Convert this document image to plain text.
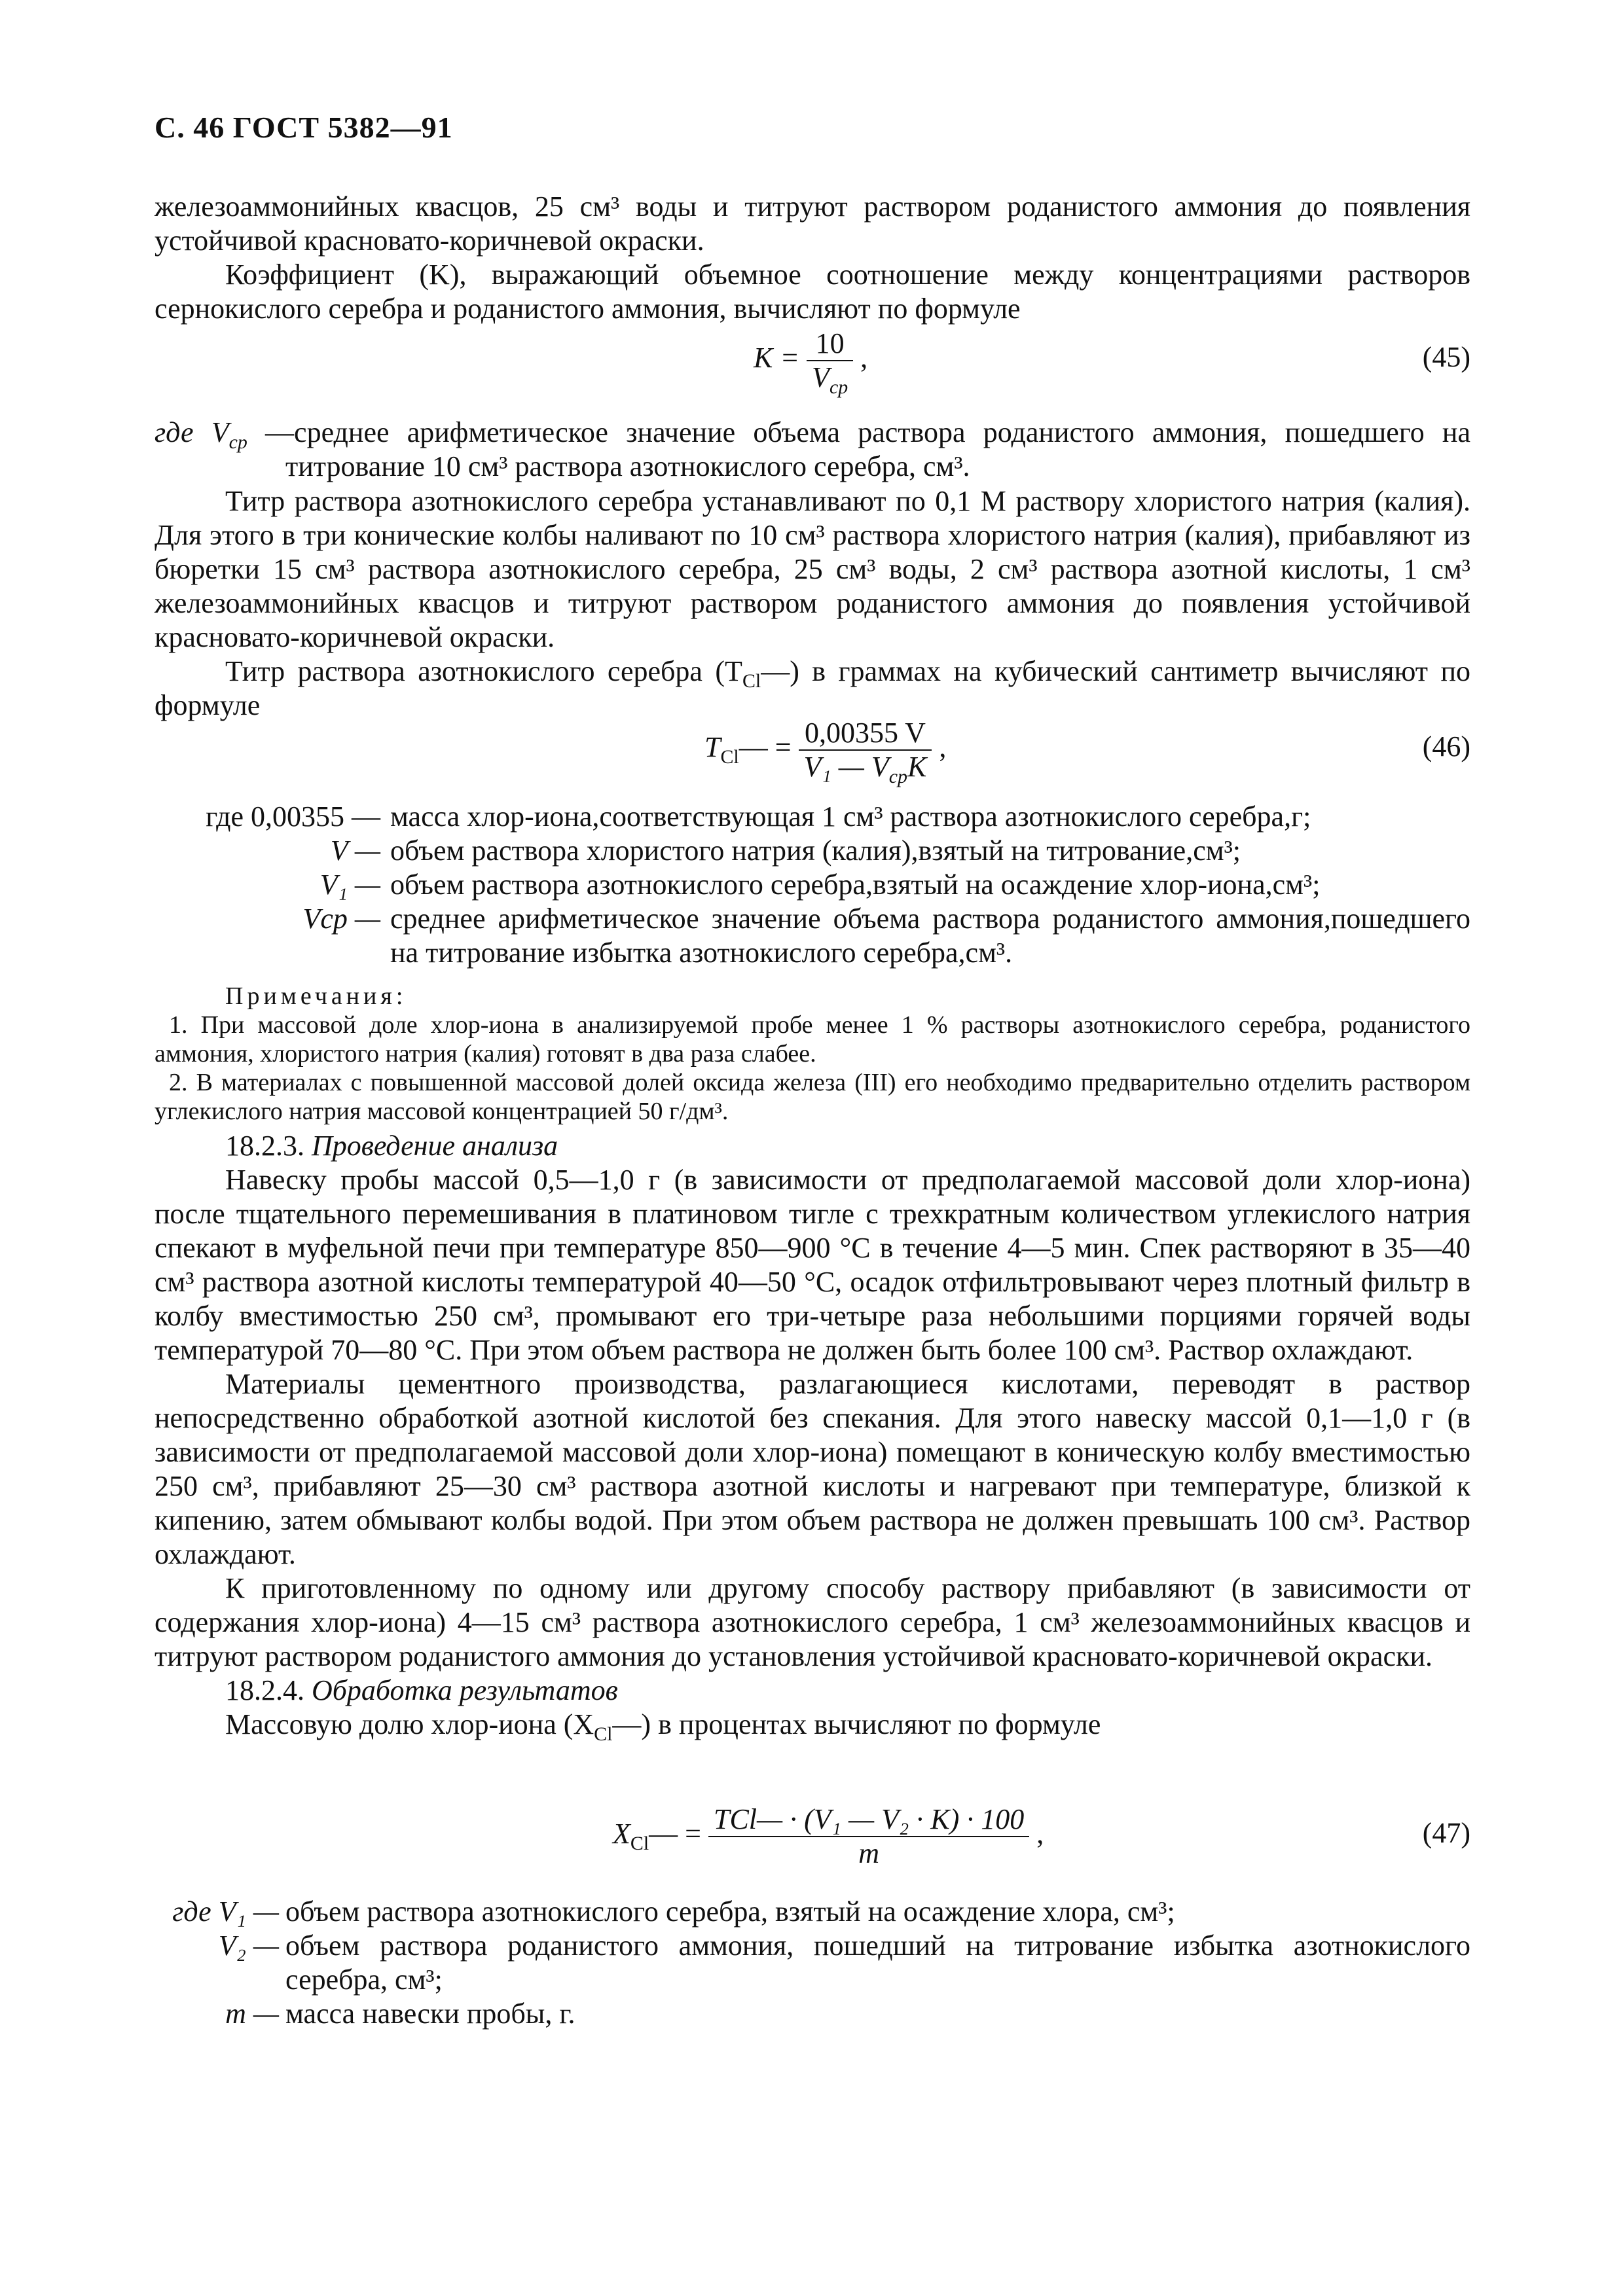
С. 46 ГОСТ 5382—91

железоаммонийных квасцов, 25 см³ воды и титруют раствором роданистого аммония до появления устойчивой красновато-коричневой окраски.

Коэффициент (K), выражающий объемное соотношение между концентрациями растворов сернокислого серебра и роданистого аммония, вычисляют по формуле

$K = \frac{10}{V_{ср}}$ ,	(45)

где $V_{ср}$ —среднее арифметическое значение объема раствора роданистого аммония, пошедшего на титрование 10 см³ раствора азотнокислого серебра, см³.

Титр раствора азотнокислого серебра устанавливают по 0,1 М раствору хлористого натрия (калия). Для этого в три конические колбы наливают по 10 см³ раствора хлористого натрия (калия), прибавляют из бюретки 15 см³ раствора азотнокислого серебра, 25 см³ воды, 2 см³ раствора азотной кислоты, 1 см³ железоаммонийных квасцов и титруют раствором роданистого аммония до появления устойчивой красновато-коричневой окраски.

Титр раствора азотнокислого серебра $(T_{Cl}—)$ в граммах на кубический сантиметр вычисляют по формуле

$T_{Cl}— = \frac{0,00355 V}{V_1 — V_{ср}K}$ ,	(46)
где 0,00355 — масса хлор-иона,соответствующая 1 см³ раствора азотнокислого серебра,г;
V — объем раствора хлористого натрия (калия),взятый на титрование,см³;
V₁ — объем раствора азотнокислого серебра,взятый на осаждение хлор-иона,см³;
Vср — среднее арифметическое значение объема раствора роданистого аммония,пошедшего на титрование избытка азотнокислого серебра,см³.

Примечания:

1. При массовой доле хлор-иона в анализируемой пробе менее 1 % растворы азотнокислого серебра, роданистого аммония, хлористого натрия (калия) готовят в два раза слабее.

2. В материалах с повышенной массовой долей оксида железа (III) его необходимо предварительно отделить раствором углекислого натрия массовой концентрацией 50 г/дм³.

18.2.3. Проведение анализа

Навеску пробы массой 0,5—1,0 г (в зависимости от предполагаемой массовой доли хлор-иона) после тщательного перемешивания в платиновом тигле с трехкратным количеством углекислого натрия спекают в муфельной печи при температуре 850—900 °С в течение 4—5 мин. Спек растворяют в 35—40 см³ раствора азотной кислоты температурой 40—50 °С, осадок отфильтровывают через плотный фильтр в колбу вместимостью 250 см³, промывают его три-четыре раза небольшими порциями горячей воды температурой 70—80 °С. При этом объем раствора не должен быть более 100 см³. Раствор охлаждают.

Материалы цементного производства, разлагающиеся кислотами, переводят в раствор непосредственно обработкой азотной кислотой без спекания. Для этого навеску массой 0,1—1,0 г (в зависимости от предполагаемой массовой доли хлор-иона) помещают в коническую колбу вместимостью 250 см³, прибавляют 25—30 см³ раствора азотной кислоты и нагревают при температуре, близкой к кипению, затем обмывают колбы водой. При этом объем раствора не должен превышать 100 см³. Раствор охлаждают.

К приготовленному по одному или другому способу раствору прибавляют (в зависимости от содержания хлор-иона) 4—15 см³ раствора азотнокислого серебра, 1 см³ железоаммонийных квасцов и титруют раствором роданистого аммония до установления устойчивой красновато-коричневой окраски.

18.2.4. Обработка результатов

Массовую долю хлор-иона $(X_{Cl}—)$ в процентах вычисляют по формуле

$X_{Cl}— = \frac{\text{TCl— · (V₁ — V₂ · K) · 100}}{m}$ ,	(47)
где V₁ — объем раствора азотнокислого серебра, взятый на осаждение хлора, см³;
V₂ — объем раствора роданистого аммония, пошедший на титрование избытка азотнокислого серебра, см³;
m — масса навески пробы, г.
